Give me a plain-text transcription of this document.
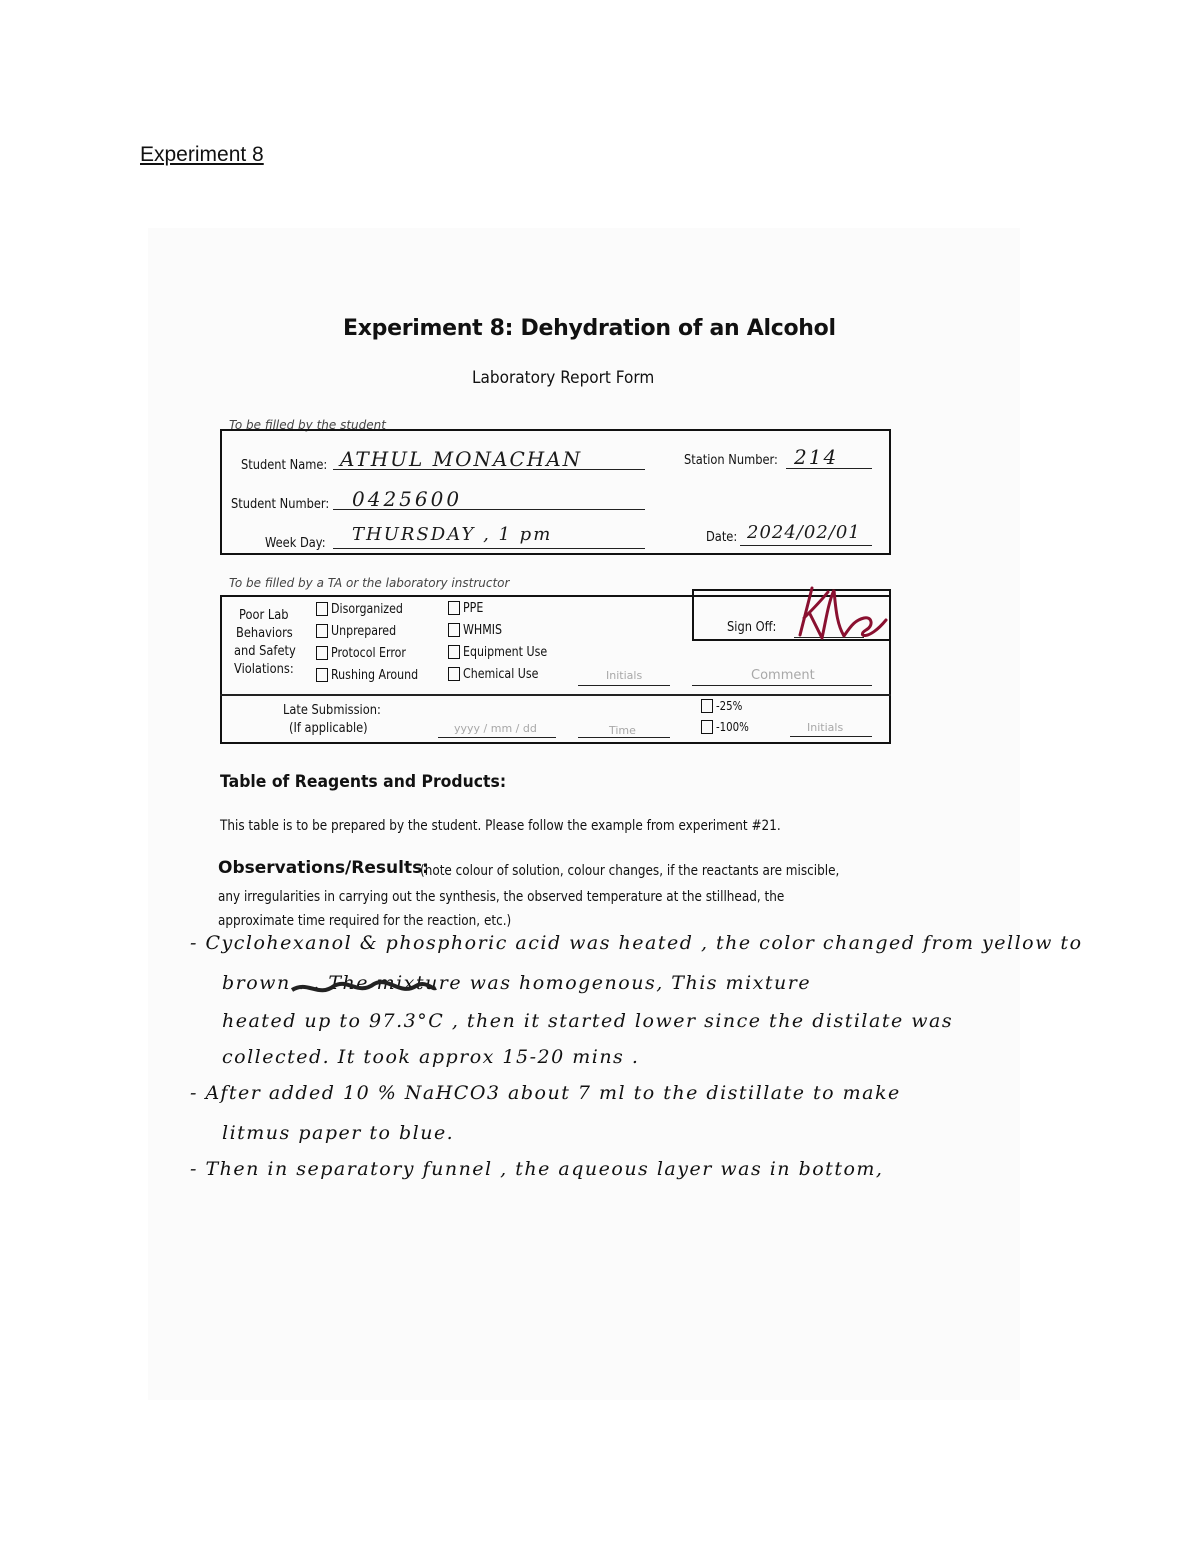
Experiment 8
Experiment 8: Dehydration of an Alcohol
Laboratory Report Form
To be filled by the student
Student Name: ATHUL MONACHAN	Station Number: 214
Student Number: 0425600
Week Day: THURSDAY , 1 pm	Date: 2024/02/01
To be filled by a TA or the laboratory instructor
Poor Lab
Behaviors
and Safety
Violations:
Disorganized
Unprepared
Protocol Error
Rushing Around
PPE
WHMIS
Equipment Use
Chemical Use	Initials
Sign Off:
Comment
Late Submission:
(If applicable)	yyyy / mm / dd	Time
-25%
-100%	Initials
Table of Reagents and Products:
This table is to be prepared by the student. Please follow the example from experiment #21.
Observations/Results:
(note colour of solution, colour changes, if the reactants are miscible,
any irregularities in carrying out the synthesis, the observed temperature at the stillhead, the
approximate time required for the reaction, etc.)
- Cyclohexanol & phosphoric acid was heated , the color changed from yellow to
brown . . The mixture was homogenous, This mixture
heated up to 97.3°C , then it started lower since the distilate was
collected. It took approx 15-20 mins .
- After added 10 % NaHCO3 about 7 ml to the distillate to make
litmus paper to blue.
- Then in separatory funnel , the aqueous layer was in bottom,
